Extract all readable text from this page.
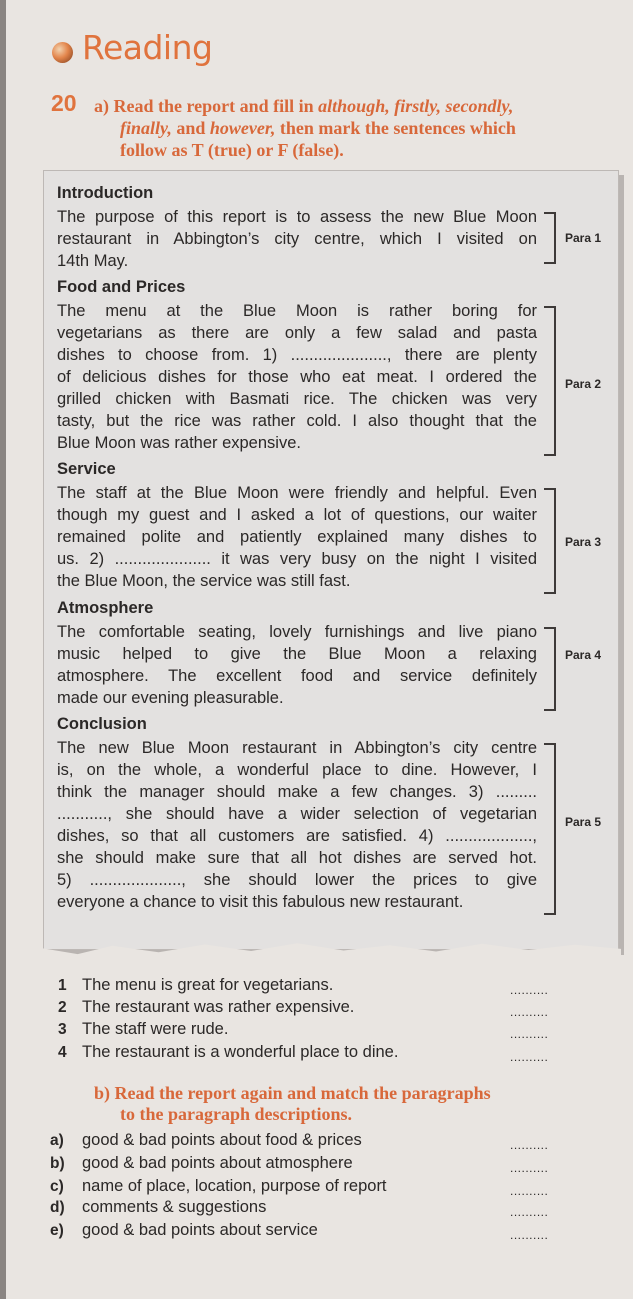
Reading
20 a) Read the report and fill in although, firstly, secondly,

finally, and however, then mark the sentences which

follow as T (true) or F (false).

Introduction

The purpose of this report is to assess the new Blue Moon

restaurant in Abbington’s city centre, which I visited on

14th May.

Para 1

Food and Prices

The menu at the Blue Moon is rather boring for

vegetarians as there are only a few salad and pasta

dishes to choose from. 1) ....................., there are plenty

of delicious dishes for those who eat meat. I ordered the

grilled chicken with Basmati rice. The chicken was very

tasty, but the rice was rather cold. I also thought that the

Blue Moon was rather expensive.

Para 2

Service

The staff at the Blue Moon were friendly and helpful. Even

though my guest and I asked a lot of questions, our waiter

remained polite and patiently explained many dishes to

us. 2) ..................... it was very busy on the night I visited

the Blue Moon, the service was still fast.

Para 3

Atmosphere

The comfortable seating, lovely furnishings and live piano

music helped to give the Blue Moon a relaxing

atmosphere. The excellent food and service definitely

made our evening pleasurable.

Para 4

Conclusion

The new Blue Moon restaurant in Abbington’s city centre

is, on the whole, a wonderful place to dine. However, I

think the manager should make a few changes. 3) .........

..........., she should have a wider selection of vegetarian

dishes, so that all customers are satisfied. 4) ...................,

she should make sure that all hot dishes are served hot.

5) ...................., she should lower the prices to give

everyone a chance to visit this fabulous new restaurant.

Para 5

1 The menu is great for vegetarians.	..........
2 The restaurant was rather expensive.	..........
3 The staff were rude.	..........
4 The restaurant is a wonderful place to dine.	..........

b) Read the report again and match the paragraphs

to the paragraph descriptions.

a) good & bad points about food & prices	..........
b) good & bad points about atmosphere	..........
c) name of place, location, purpose of report	..........
d) comments & suggestions	..........
e) good & bad points about service	..........
